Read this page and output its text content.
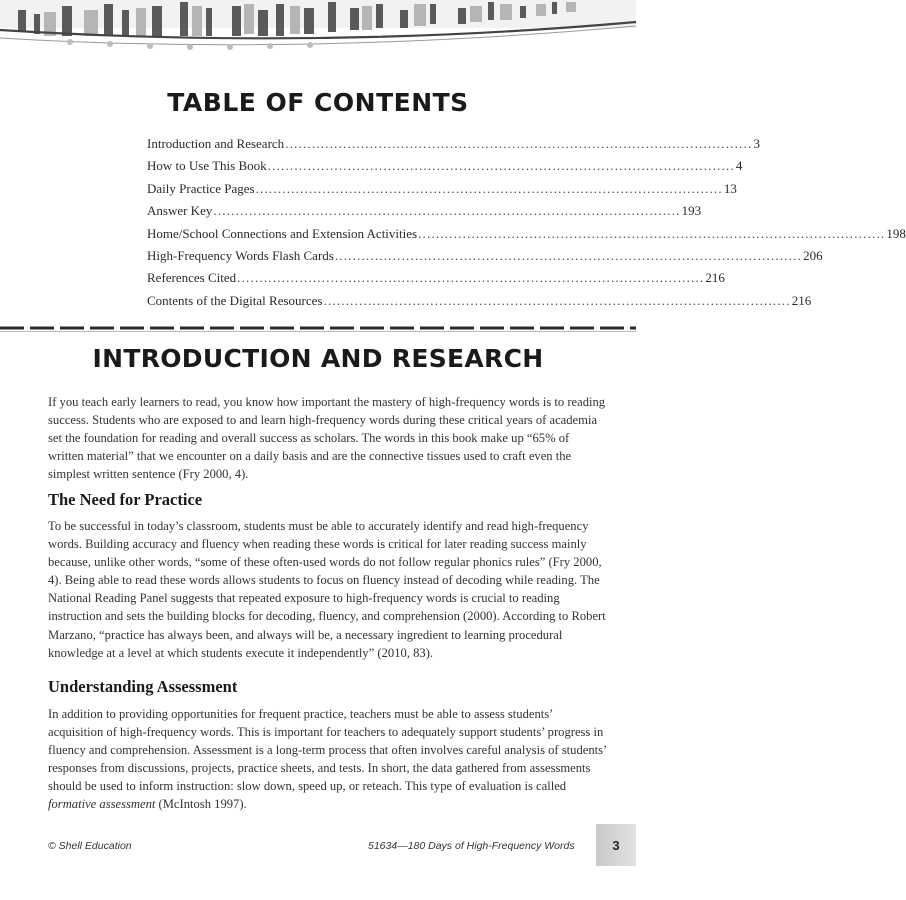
TABLE OF CONTENTS
Introduction and Research ......................................................................................................... 3
How to Use This Book ......................................................................................................... 4
Daily Practice Pages ......................................................................................................... 13
Answer Key ......................................................................................................... 193
Home/School Connections and Extension Activities ......................................................................................................... 198
High-Frequency Words Flash Cards ......................................................................................................... 206
References Cited ......................................................................................................... 216
Contents of the Digital Resources ......................................................................................................... 216
INTRODUCTION AND RESEARCH

If you teach early learners to read, you know how important the mastery of high-frequency words is to reading success. Students who are exposed to and learn high-frequency words during these critical years of academia set the foundation for reading and overall success as scholars. The words in this book make up “65% of written material” that we encounter on a daily basis and are the connective tissues used to craft even the simplest written sentence (Fry 2000, 4).

The Need for Practice

To be successful in today’s classroom, students must be able to accurately identify and read high-frequency words. Building accuracy and fluency when reading these words is critical for later reading success mainly because, unlike other words, “some of these often-used words do not follow regular phonics rules” (Fry 2000, 4). Being able to read these words allows students to focus on fluency instead of decoding while reading. The National Reading Panel suggests that repeated exposure to high-frequency words is crucial to reading instruction and sets the building blocks for decoding, fluency, and comprehension (2000). According to Robert Marzano, “practice has always been, and always will be, a necessary ingredient to learning procedural knowledge at a level at which students execute it independently” (2010, 83).

Understanding Assessment

In addition to providing opportunities for frequent practice, teachers must be able to assess students’ acquisition of high-frequency words. This is important for teachers to adequately support students’ progress in fluency and comprehension. Assessment is a long-term process that often involves careful analysis of students’ responses from discussions, projects, practice sheets, and tests. In short, the data gathered from assessments should be used to inform instruction: slow down, speed up, or reteach. This type of evaluation is called formative assessment (McIntosh 1997).

© Shell Education	51634—180 Days of High-Frequency Words	3
